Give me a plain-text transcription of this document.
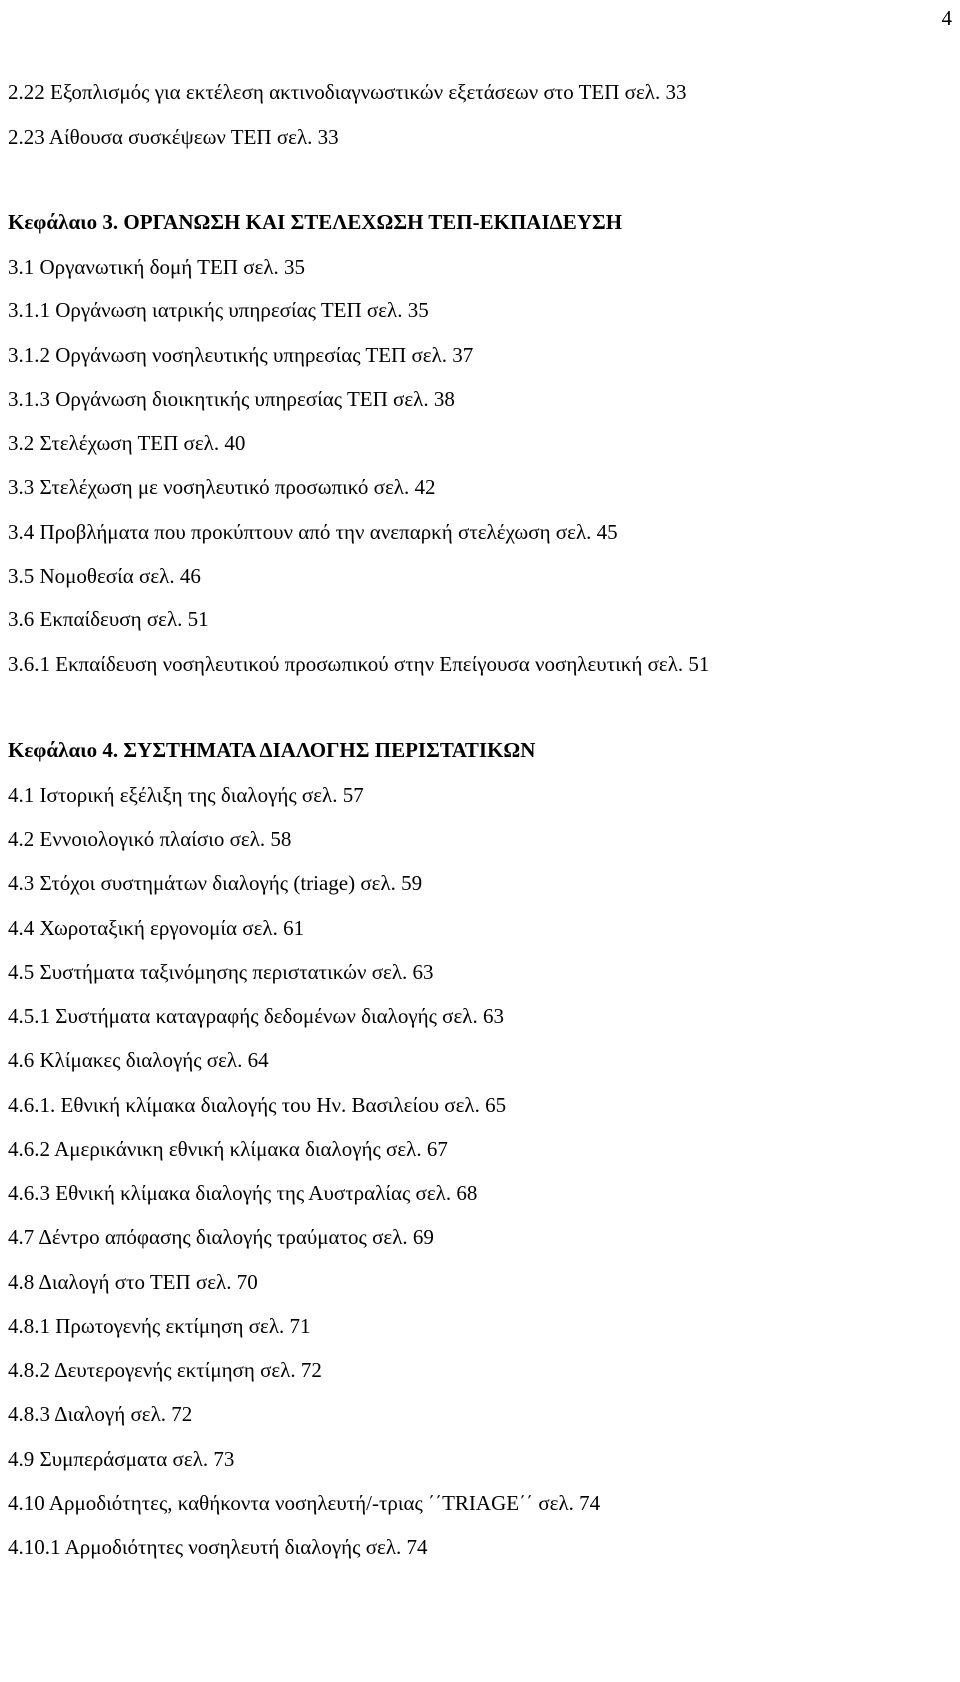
4

2.22 Εξοπλισμός για εκτέλεση ακτινοδιαγνωστικών εξετάσεων στο ΤΕΠ σελ. 33

2.23 Αίθουσα συσκέψεων ΤΕΠ σελ. 33

Κεφάλαιο 3. ΟΡΓΑΝΩΣΗ ΚΑΙ ΣΤΕΛΕΧΩΣΗ ΤΕΠ-ΕΚΠΑΙΔΕΥΣΗ

3.1 Οργανωτική δομή ΤΕΠ σελ. 35

3.1.1 Οργάνωση ιατρικής υπηρεσίας ΤΕΠ σελ. 35

3.1.2 Οργάνωση νοσηλευτικής υπηρεσίας ΤΕΠ σελ. 37

3.1.3 Οργάνωση διοικητικής υπηρεσίας ΤΕΠ σελ. 38

3.2 Στελέχωση ΤΕΠ σελ. 40

3.3 Στελέχωση με νοσηλευτικό προσωπικό σελ. 42

3.4 Προβλήματα που προκύπτουν από την ανεπαρκή στελέχωση σελ. 45

3.5 Νομοθεσία σελ. 46

3.6 Εκπαίδευση σελ. 51

3.6.1 Εκπαίδευση νοσηλευτικού προσωπικού στην Επείγουσα νοσηλευτική σελ. 51

Κεφάλαιο 4. ΣΥΣΤΗΜΑΤΑ ΔΙΑΛΟΓΗΣ ΠΕΡΙΣΤΑΤΙΚΩΝ

4.1 Ιστορική εξέλιξη της διαλογής σελ. 57

4.2 Εννοιολογικό πλαίσιο σελ. 58

4.3 Στόχοι συστημάτων διαλογής (triage) σελ. 59

4.4 Χωροταξική εργονομία σελ. 61

4.5 Συστήματα ταξινόμησης περιστατικών σελ. 63

4.5.1 Συστήματα καταγραφής δεδομένων διαλογής σελ. 63

4.6 Κλίμακες διαλογής σελ. 64

4.6.1. Εθνική κλίμακα διαλογής του Ην. Βασιλείου σελ. 65

4.6.2 Αμερικάνικη εθνική κλίμακα διαλογής σελ. 67

4.6.3 Εθνική κλίμακα διαλογής της Αυστραλίας σελ. 68

4.7 Δέντρο απόφασης διαλογής τραύματος σελ. 69

4.8 Διαλογή στο ΤΕΠ σελ. 70

4.8.1 Πρωτογενής εκτίμηση σελ. 71

4.8.2 Δευτερογενής εκτίμηση σελ. 72

4.8.3 Διαλογή σελ. 72

4.9 Συμπεράσματα σελ. 73

4.10 Αρμοδιότητες, καθήκοντα νοσηλευτή/-τριας ΄΄TRIAGE΄΄ σελ. 74

4.10.1 Αρμοδιότητες νοσηλευτή διαλογής σελ. 74
